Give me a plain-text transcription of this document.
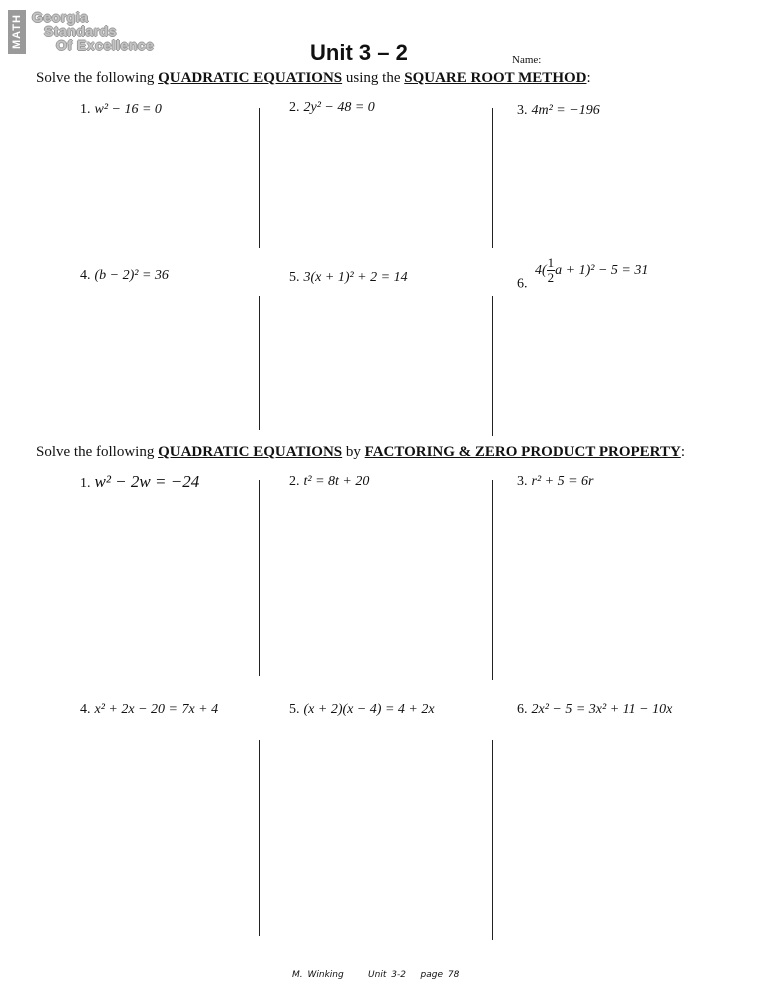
MATH Georgia
Standards
Of Excellence	Unit 3 – 2	Name:
Solve the following QUADRATIC EQUATIONS using the SQUARE ROOT METHOD:
1. w² − 16 = 0	2. 2y² − 48 = 0	3. 4m² = −196
4. (b − 2)² = 36	5. 3(x + 1)² + 2 = 14	6. $4( \frac{1}{2}$ a + 1)² − 5 = 31
Solve the following QUADRATIC EQUATIONS by FACTORING & ZERO PRODUCT PROPERTY:
1. w² − 2w = −24	2. t² = 8t + 20	3. r² + 5 = 6r
4. x² + 2x − 20 = 7x + 4	5. (x + 2)(x − 4) = 4 + 2x	6. 2x² − 5 = 3x² + 11 − 10x
M. Winking	Unit 3-2 page 78
